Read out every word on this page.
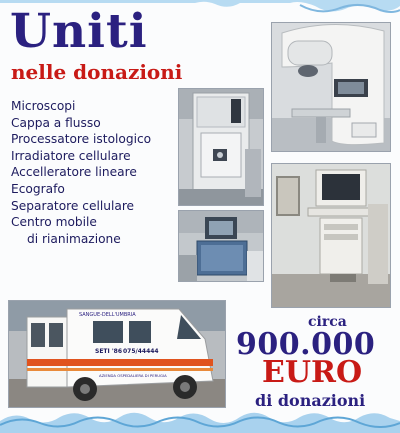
Uniti
nelle donazioni
Microscopi
Cappa a flusso
Processatore istologico
Irradiatore cellulare
Accelleratore lineare
Ecografo
Separatore cellulare
Centro mobile
di rianimazione
SANGUE-DELL'UMBRIA
SETI '86 075/44444
AZIENDA OSPEDALIERA DI PERUGIA
circa
900.000
EURO
di donazioni
